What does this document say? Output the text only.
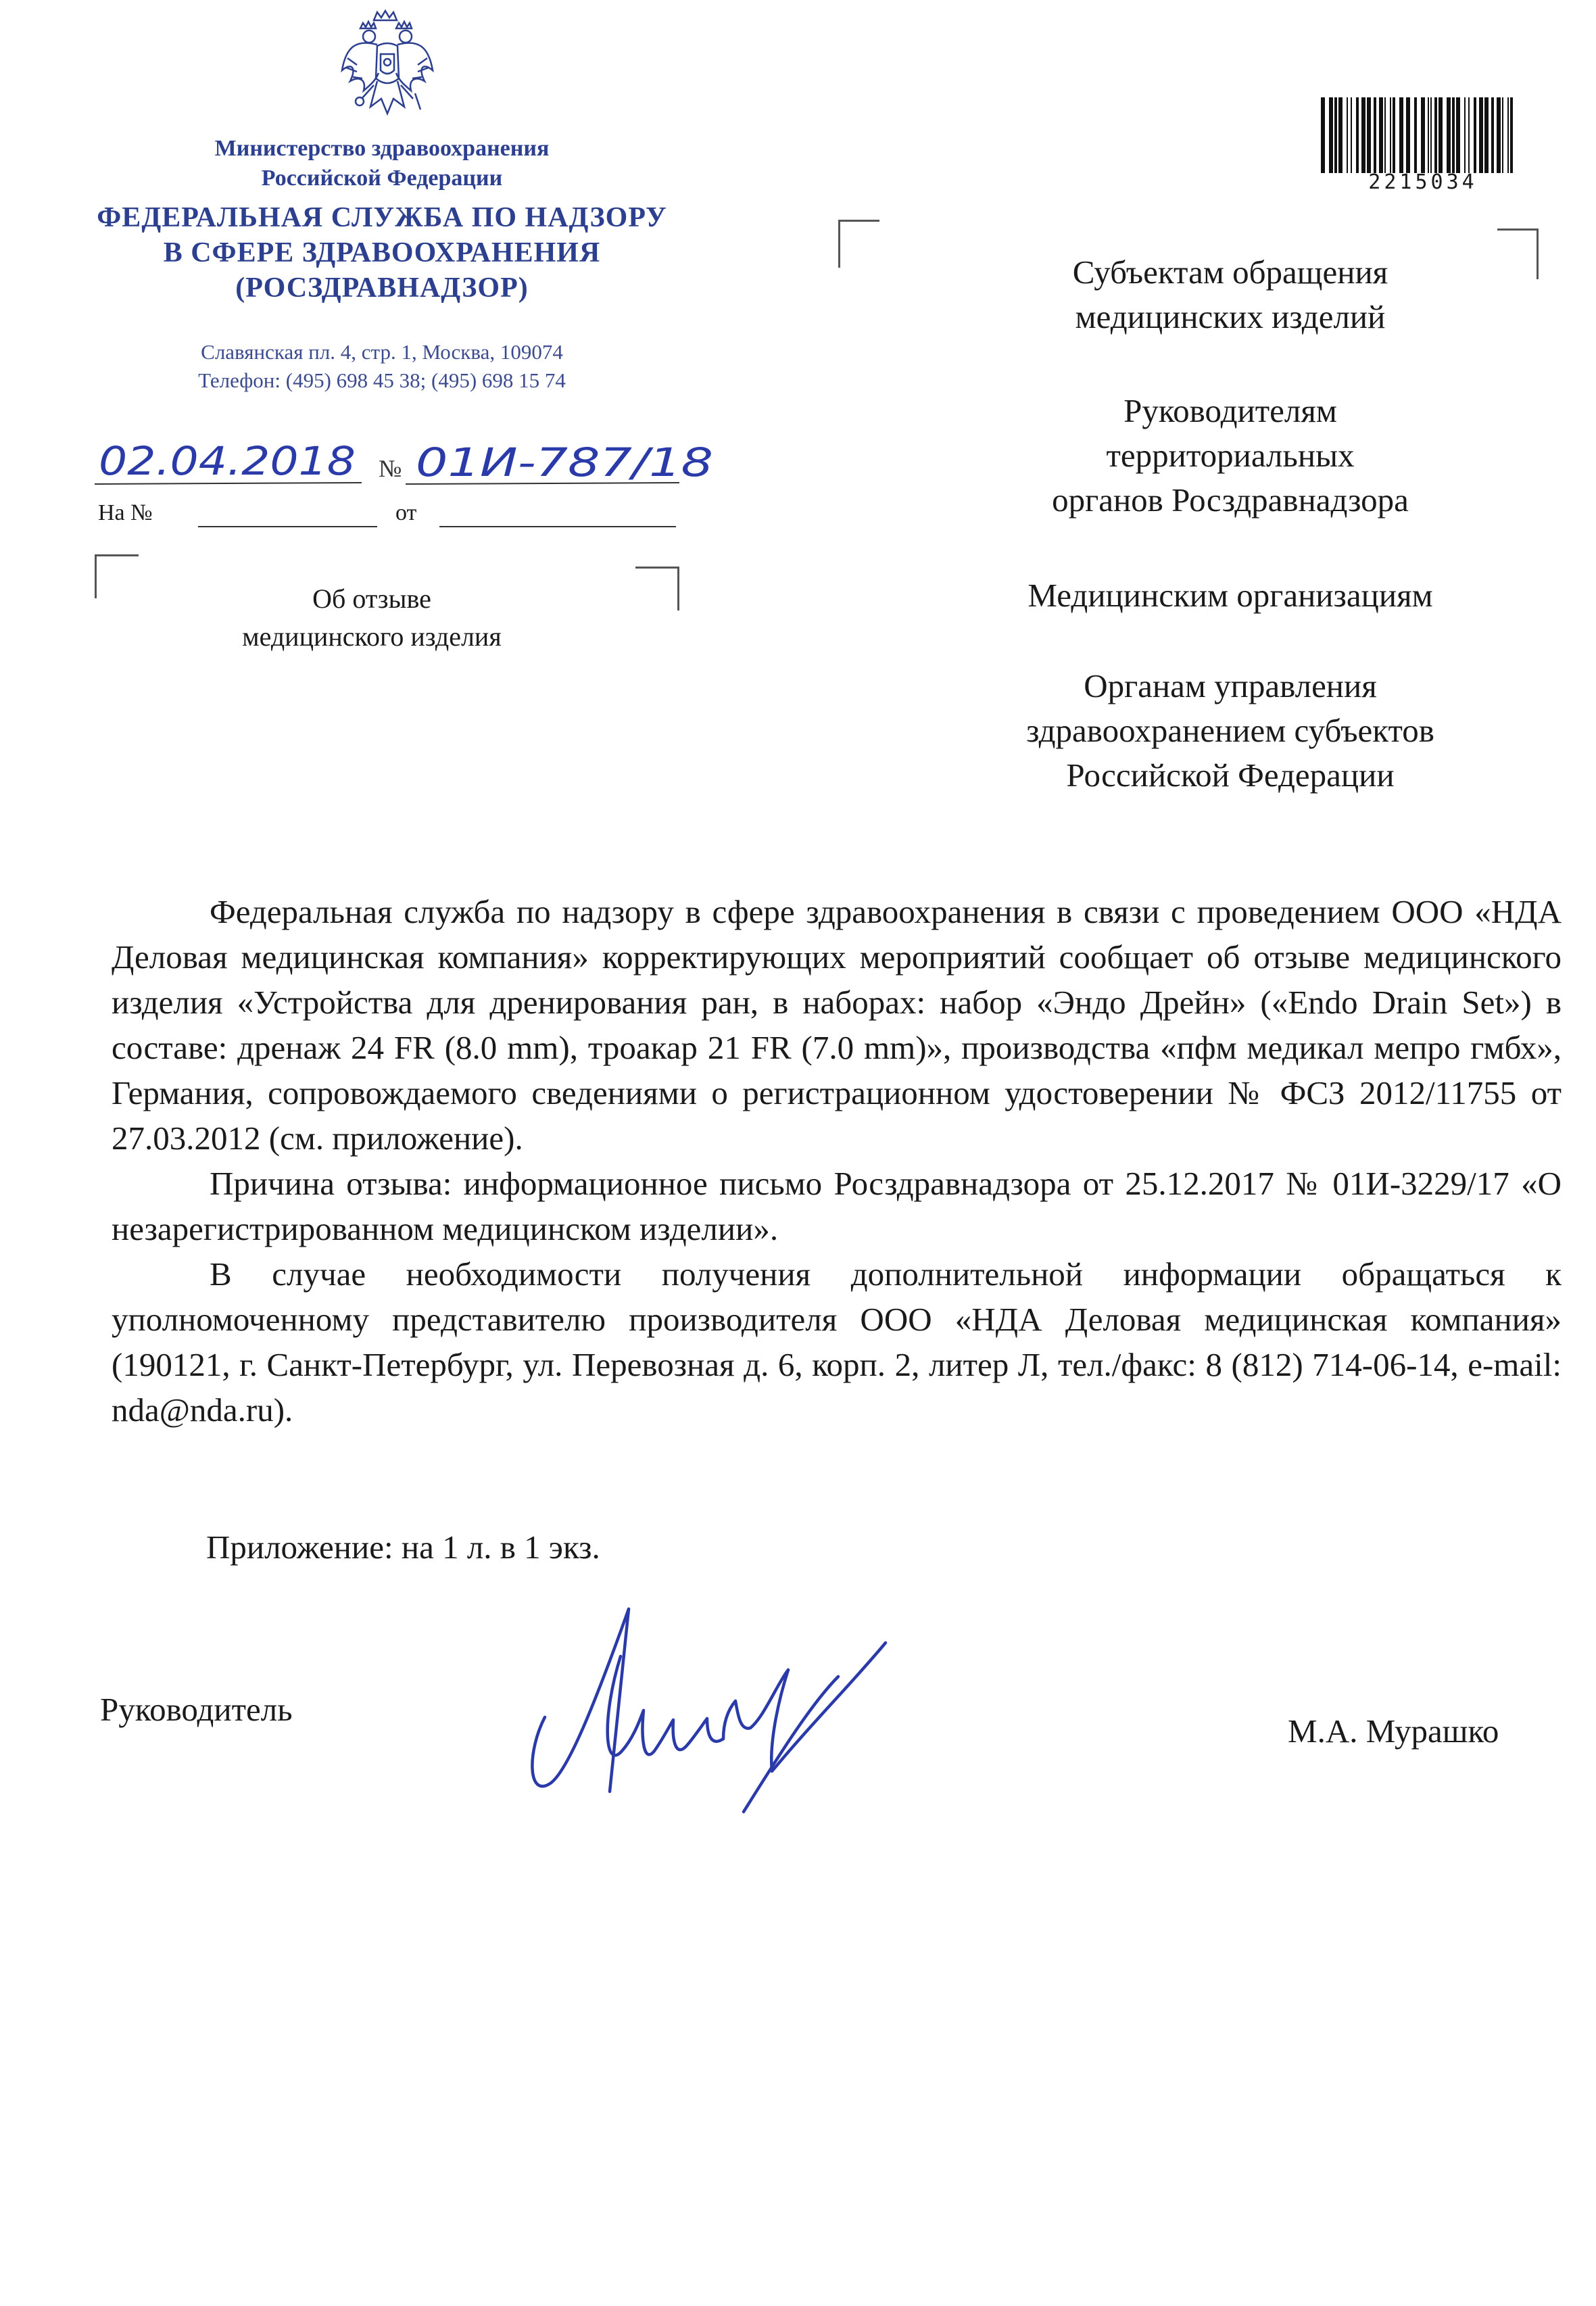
Министерство здравоохранения
Российской Федерации
ФЕДЕРАЛЬНАЯ СЛУЖБА ПО НАДЗОРУ
В СФЕРЕ ЗДРАВООХРАНЕНИЯ
(РОСЗДРАВНАДЗОР)
Славянская пл. 4, стр. 1, Москва, 109074
Телефон: (495) 698 45 38; (495) 698 15 74
02.04.2018 № 01И-787/18
На №	от
Об отзыве
медицинского изделия
2215034
Субъектам обращения
медицинских изделий
Руководителям
территориальных
органов Росздравнадзора
Медицинским организациям
Органам управления
здравоохранением субъектов
Российской Федерации

Федеральная служба по надзору в сфере здравоохранения в связи с проведением ООО «НДА Деловая медицинская компания» корректирующих мероприятий сообщает об отзыве медицинского изделия «Устройства для дренирования ран, в наборах: набор «Эндо Дрейн» («Endo Drain Set») в составе: дренаж 24 FR (8.0 mm), троакар 21 FR (7.0 mm)», производства «пфм медикал мепро гмбх», Германия, сопровождаемого сведениями о регистрационном удостоверении № ФСЗ 2012/11755 от 27.03.2012 (см. приложение).

Причина отзыва: информационное письмо Росздравнадзора от 25.12.2017 № 01И-3229/17 «О незарегистрированном медицинском изделии».

В случае необходимости получения дополнительной информации обращаться к уполномоченному представителю производителя ООО «НДА Деловая медицинская компания» (190121, г. Санкт-Петербург, ул. Перевозная д. 6, корп. 2, литер Л, тел./факс: 8 (812) 714-06-14, e-mail: nda@nda.ru).

Приложение: на 1 л. в 1 экз.
Руководитель
М.А. Мурашко
